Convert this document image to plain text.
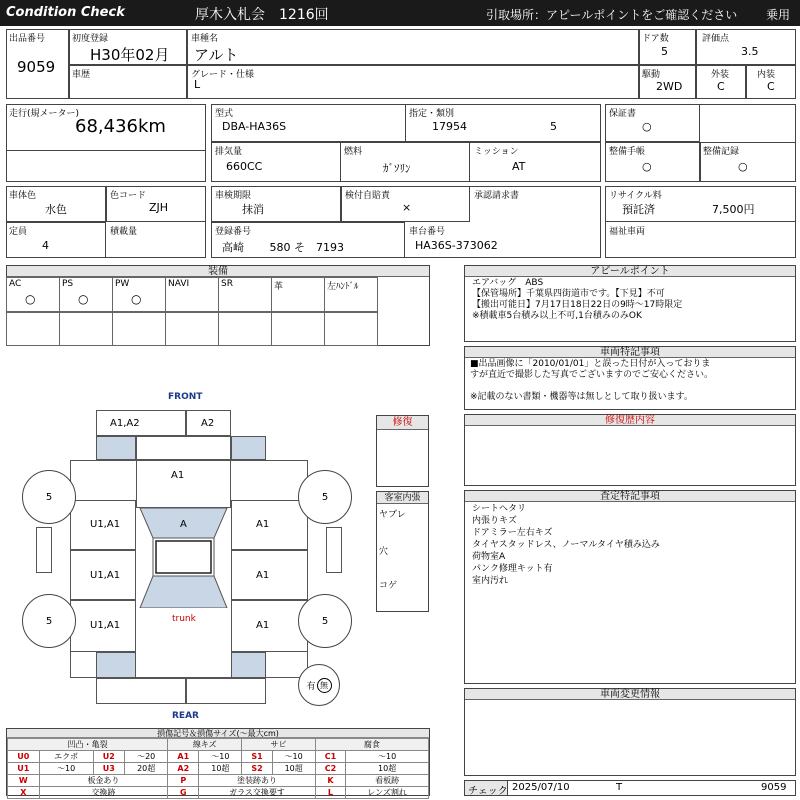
Condition Check	厚木入札会　1216回	引取場所：アピールポイントをご確認ください 乗用
出品番号
9059
初度登録
H30年02月
車歴
車種名
アルト
グレード・仕様
L
ドア数
5
評価点
3.5
駆動
2WD
外装
C
内装
C
走行(規メーター)
68,436km
型式
DBA-HA36S
指定・類別
17954	5
排気量
660CC
燃料
ｶﾞｿﾘﾝ
ミッション
AT
保証書
○
整備手帳
○
整備記録
○
車体色
水色
色コード
ZJH
定員
4
積載量
車検期限
抹消
検付自賠責
×
承認請求書
登録番号
高崎　　 580 そ　7193
車台番号
HA36S-373062
リサイクル料
預託済	7,500円
福祉車両
装備
AC
○
PS
○
PW
○
NAVI	SR	革	左ﾊﾝﾄﾞﾙ
アピールポイント
エアバッグ　ABS
【保管場所】千葉県四街道市です。【下見】不可
【搬出可能日】7月17日18日22日の9時〜17時限定
※積載車5台積み以上不可,1台積みのみOK
車両特記事項
■出品画像に「2010/01/01」と誤った日付が入っておりま
すが直近で撮影した写真でございますのでご安心ください。
※記載のない書類・機器等は無しとして取り扱います。
修復歴内容
査定特記事項
シートヘタリ
内張りキズ
ドアミラー左右キズ
タイヤスタッドレス、ノーマルタイヤ積み込み
荷物室A
パンク修理キット有
室内汚れ
車両変更情報
チェック 2025/07/10	T	9059
修復
客室内張
ヤブレ
穴
コゲ
FRONT
REAR
A1,A2	A2
A1
U1,A1
U1,A1
U1,A1
A1
A1
A1
A
trunk
5	5
5	5
有 無
損傷記号＆損傷サイズ(〜最大cm)
凹凸・亀裂				線キズ		サビ		腐食	
U0	エクボ	U2	〜20	A1	〜10	S1	〜10	C1	〜10
U1	〜10	U3	20超	A2	10超	S2	10超	C2	10超
W	板金あり			P	塗装跡あり			K	看板跡
X	交換跡			G	ガラス交換要す			L	レンズ割れ
